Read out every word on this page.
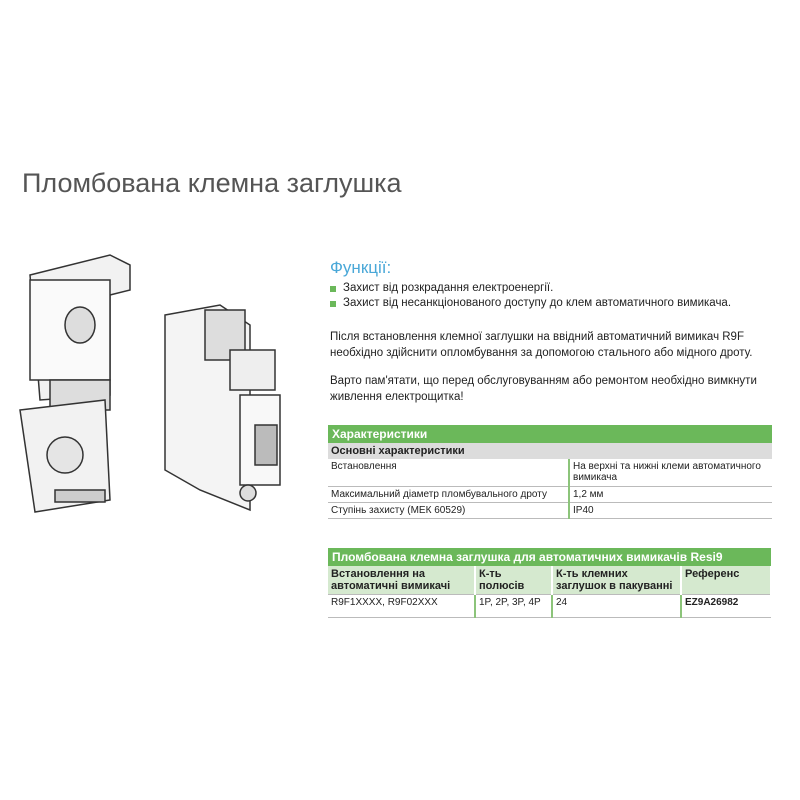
Пломбована клемна заглушка
Функції:
Захист від розкрадання електроенергії.
Захист від несанкціонованого доступу до клем автоматичного вимикача.
Після встановлення клемної заглушки на ввідний автоматичний вимикач R9F необхідно здійснити опломбування за допомогою стального або мідного дроту.
Варто пам'ятати, що перед обслуговуванням або ремонтом необхідно вимкнути живлення електрощитка!
Характеристики	
Основні характеристики	
Встановлення	На верхні та нижні клеми автоматичного вимикача
Максимальний діаметр пломбувального дроту	1,2 мм
Ступінь захисту (МЕК 60529)	IP40
Пломбована клемна заглушка для автоматичних вимикачів Resi9			
Встановлення на автоматичні вимикачі	К-ть полюсів	К-ть клемних заглушок в пакуванні	Референс
R9F1XXXX, R9F02XXX	1P, 2P, 3P, 4P	24	EZ9A26982
